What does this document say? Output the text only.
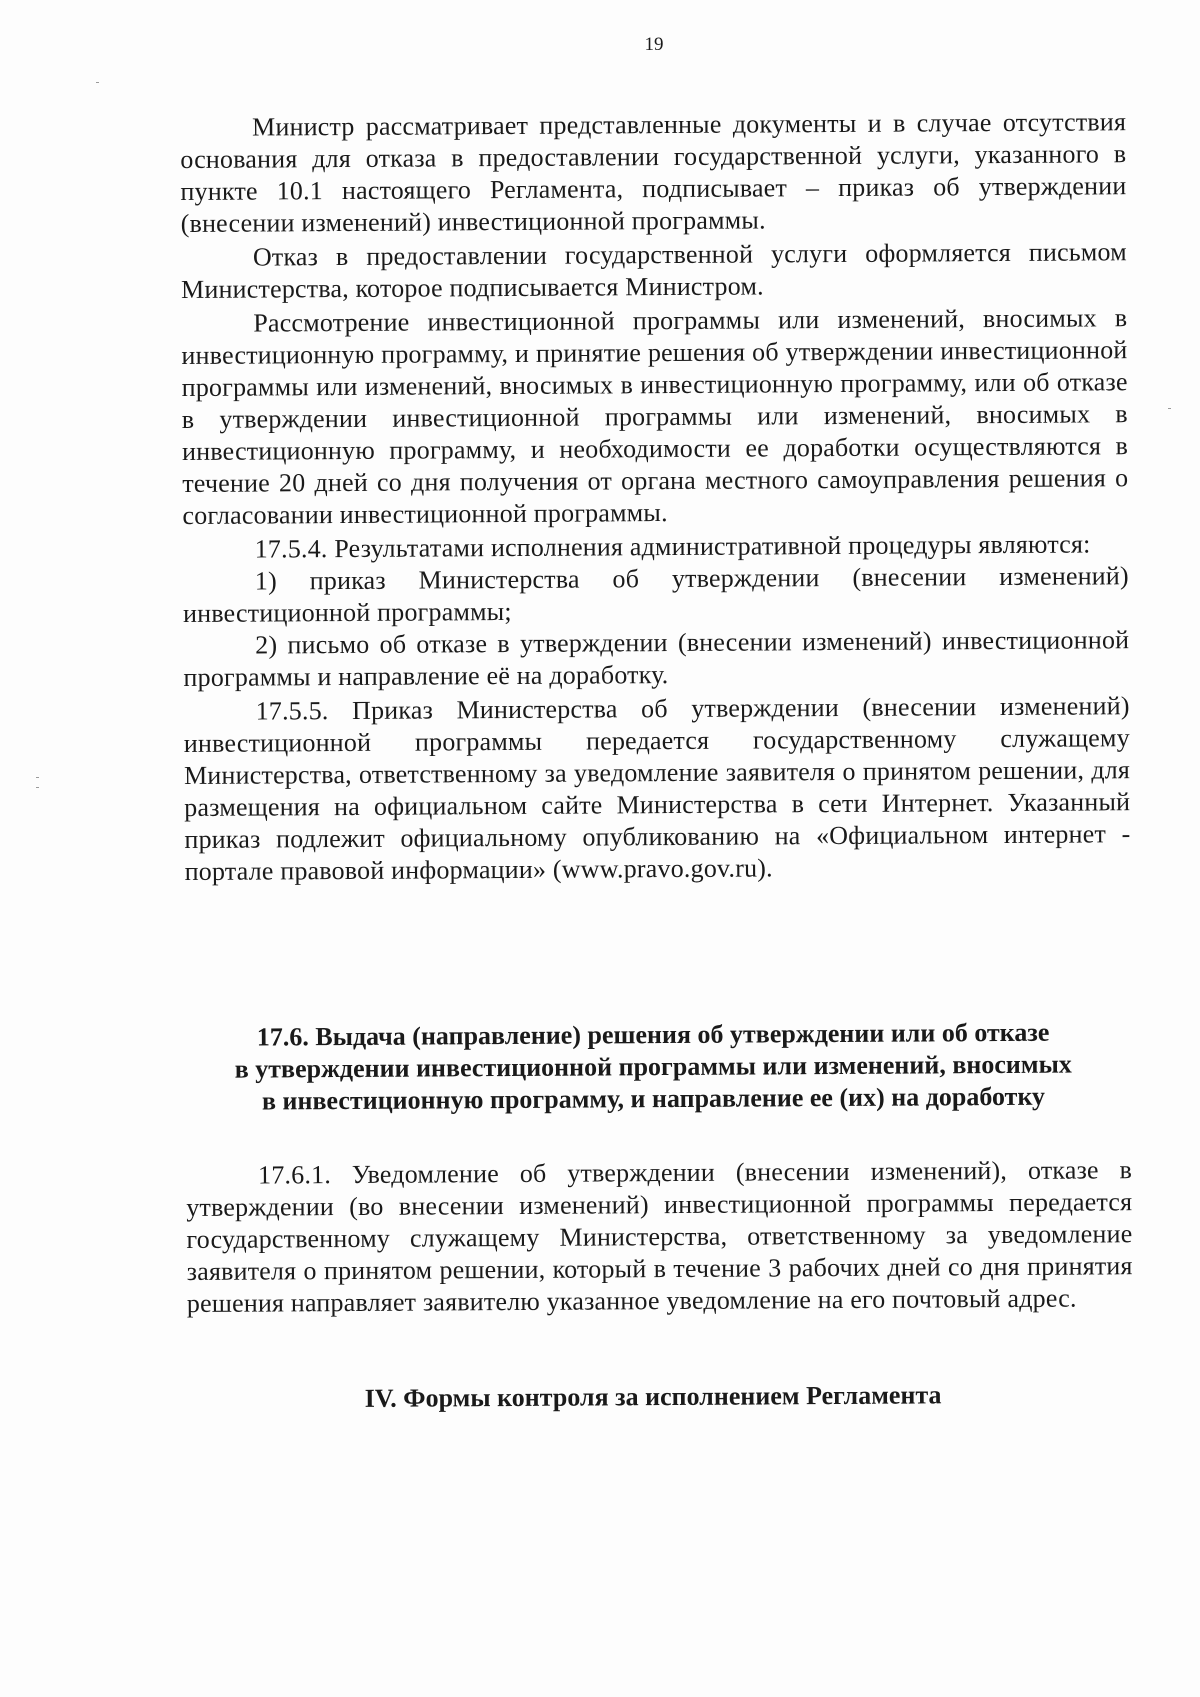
19

Министр рассматривает представленные документы и в случае отсутствия основания для отказа в предоставлении государственной услуги, указанного в пункте 10.1 настоящего Регламента, подписывает – приказ об утверждении (внесении изменений) инвестиционной программы.

Отказ в предоставлении государственной услуги оформляется письмом Министерства, которое подписывается Министром.

Рассмотрение инвестиционной программы или изменений, вносимых в инвестиционную программу, и принятие решения об утверждении инвестиционной программы или изменений, вносимых в инвестиционную программу, или об отказе в утверждении инвестиционной программы или изменений, вносимых в инвестиционную программу, и необходимости ее доработки осуществляются в течение 20 дней со дня получения от органа местного самоуправления решения о согласовании инвестиционной программы.

17.5.4. Результатами исполнения административной процедуры являются:

1) приказ Министерства об утверждении (внесении изменений) инвестиционной программы;

2) письмо об отказе в утверждении (внесении изменений) инвестиционной программы и направление её на доработку.

17.5.5. Приказ Министерства об утверждении (внесении изменений) инвестиционной программы передается государственному служащему Министерства, ответственному за уведомление заявителя о принятом решении, для размещения на официальном сайте Министерства в сети Интернет. Указанный приказ подлежит официальному опубликованию на «Официальном интернет - портале правовой информации» (www.pravo.gov.ru).

17.6. Выдача (направление) решения об утверждении или об отказе
в утверждении инвестиционной программы или изменений, вносимых
в инвестиционную программу, и направление ее (их) на доработку

17.6.1. Уведомление об утверждении (внесении изменений), отказе в утверждении (во внесении изменений) инвестиционной программы передается государственному служащему Министерства, ответственному за уведомление заявителя о принятом решении, который в течение 3 рабочих дней со дня принятия решения направляет заявителю указанное уведомление на его почтовый адрес.

IV. Формы контроля за исполнением Регламента
